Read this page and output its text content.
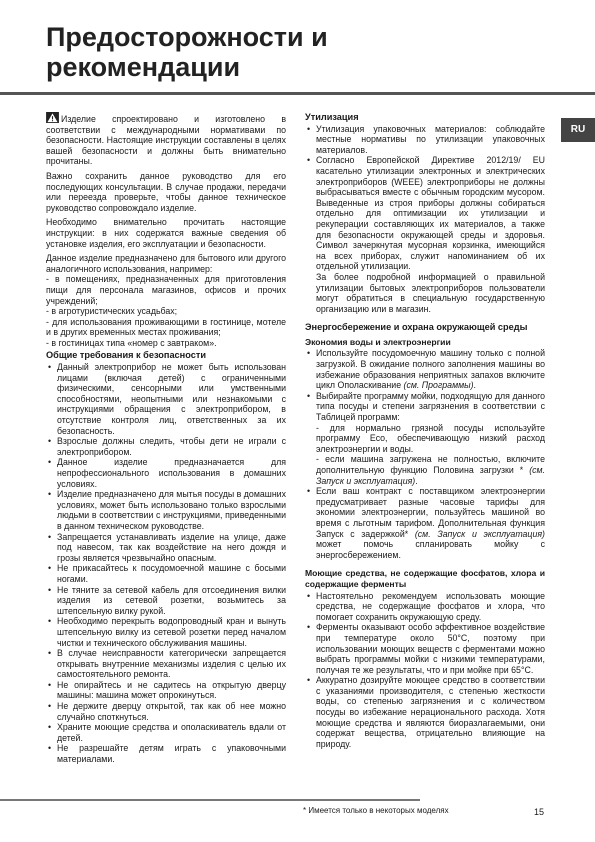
Предосторожности и рекомендации
RU

Изделие спроектировано и изготовлено в соответствии с международными нормативами по безопасности. Настоящие инструкции составлены в целях вашей безопасности и должны быть внимательно прочитаны.

Важно сохранить данное руководство для его последующих консультации. В случае продажи, передачи или переезда проверьте, чтобы данное техническое руководство сопровождало изделие.

Необходимо внимательно прочитать настоящие инструкции: в них содержатся важные сведения об установке изделия, его эксплуатации и безопасности.

Данное изделие предназначено для бытового или другого аналогичного использования, например:
- в помещениях, предназначенных для приготовления пищи для персонала магазинов, офисов и прочих учреждений;
- в агротуристических усадьбах;
- для использования проживающими в гостинице, мотеле и в других временных местах проживания;
- в гостиницах типа «номер с завтраком».

Общие требования к безопасности
• Данный электроприбор не может быть использован лицами (включая детей) с ограниченными физическими, сенсорными или умственными способностями, неопытными или незнакомыми с инструкциями обращения с электроприбором, в отсутствие контроля лиц, ответственных за их безопасность.
• Взрослые должны следить, чтобы дети не играли с электроприбором.
• Данное изделие предназначается для непрофессионального использования в домашних условиях.
• Изделие предназначено для мытья посуды в домашних условиях, может быть использовано только взрослыми людьми в соответствии с инструкциями, приведенными в данном техническом руководстве.
• Запрещается устанавливать изделие на улице, даже под навесом, так как воздействие на него дождя и грозы является чрезвычайно опасным.
• Не прикасайтесь к посудомоечной машине с босыми ногами.
• Не тяните за сетевой кабель для отсоединения вилки изделия из сетевой розетки, возьмитесь за штепсельную вилку рукой.
• Необходимо перекрыть водопроводный кран и вынуть штепсельную вилку из сетевой розетки перед началом чистки и технического обслуживания машины.
• В случае неисправности категорически запрещается открывать внутренние механизмы изделия с целью их самостоятельного ремонта.
• Не опирайтесь и не садитесь на открытую дверцу машины: машина может опрокинуться.
• Не держите дверцу открытой, так как об нее можно случайно споткнуться.
• Храните моющие средства и ополаскиватель вдали от детей.
• Не разрешайте детям играть с упаковочными материалами.
Утилизация
• Утилизация упаковочных материалов: соблюдайте местные нормативы по утилизации упаковочных материалов.
• Согласно Европейской Директиве 2012/19/ EU касательно утилизации электронных и электрических электроприборов (WEEE) электроприборы не должны выбрасываться вместе с обычным городским мусором. Выведенные из строя приборы должны собираться отдельно для оптимизации их утилизации и рекуперации составляющих их материалов, а также для безопасности окружающей среды и здоровья. Символ зачеркнутая мусорная корзинка, имеющийся на всех приборах, служит напоминанием об их отдельной утилизации.

За более подробной информацией о правильной утилизации бытовых электроприборов пользователи могут обратиться в специальную государственную организацию или в магазин.

Энергосбережение и охрана окружающей среды
Экономия воды и электроэнергии
• Используйте посудомоечную машину только с полной загрузкой. В ожидание полного заполнения машины во избежание образования неприятных запахов включите цикл Ополаскивание (см. Программы).
• Выбирайте программу мойки, подходящую для данного типа посуды и степени загрязнения в соответствии с Таблицей программ:
- для нормально грязной посуды используйте программу Eco, обеспечивающую низкий расход электроэнергии и воды.
- если машина загружена не полностью, включите дополнительную функцию Половина загрузки * (см. Запуск и эксплуатация).
• Если ваш контракт с поставщиком электроэнергии предусматривает разные часовые тарифы для экономии электроэнергии, пользуйтесь машиной во время с льготным тарифом. Дополнительная функция Запуск с задержкой* (см. Запуск и эксплуатация) может помочь спланировать мойку с энергосбережением.
Моющие средства, не содержащие фосфатов, хлора и содержащие ферменты
• Настоятельно рекомендуем использовать моющие средства, не содержащие фосфатов и хлора, что помогает сохранить окружающую среду.
• Ферменты оказывают особо эффективное воздействие при температуре около 50°С, поэтому при использовании моющих веществ с ферментами можно выбрать программы мойки с низкими температурами, получая те же результаты, что и при мойке при 65°С.
• Аккуратно дозируйте моющее средство в соответствии с указаниями производителя, с степенью жесткости воды, со степенью загрязнения и с количеством посуды во избежание нерационального расхода. Хотя моющие средства и являются биоразлагаемыми, они содержат вещества, отрицательно влияющие на природу.
* Имеется только в некоторых моделях	15
